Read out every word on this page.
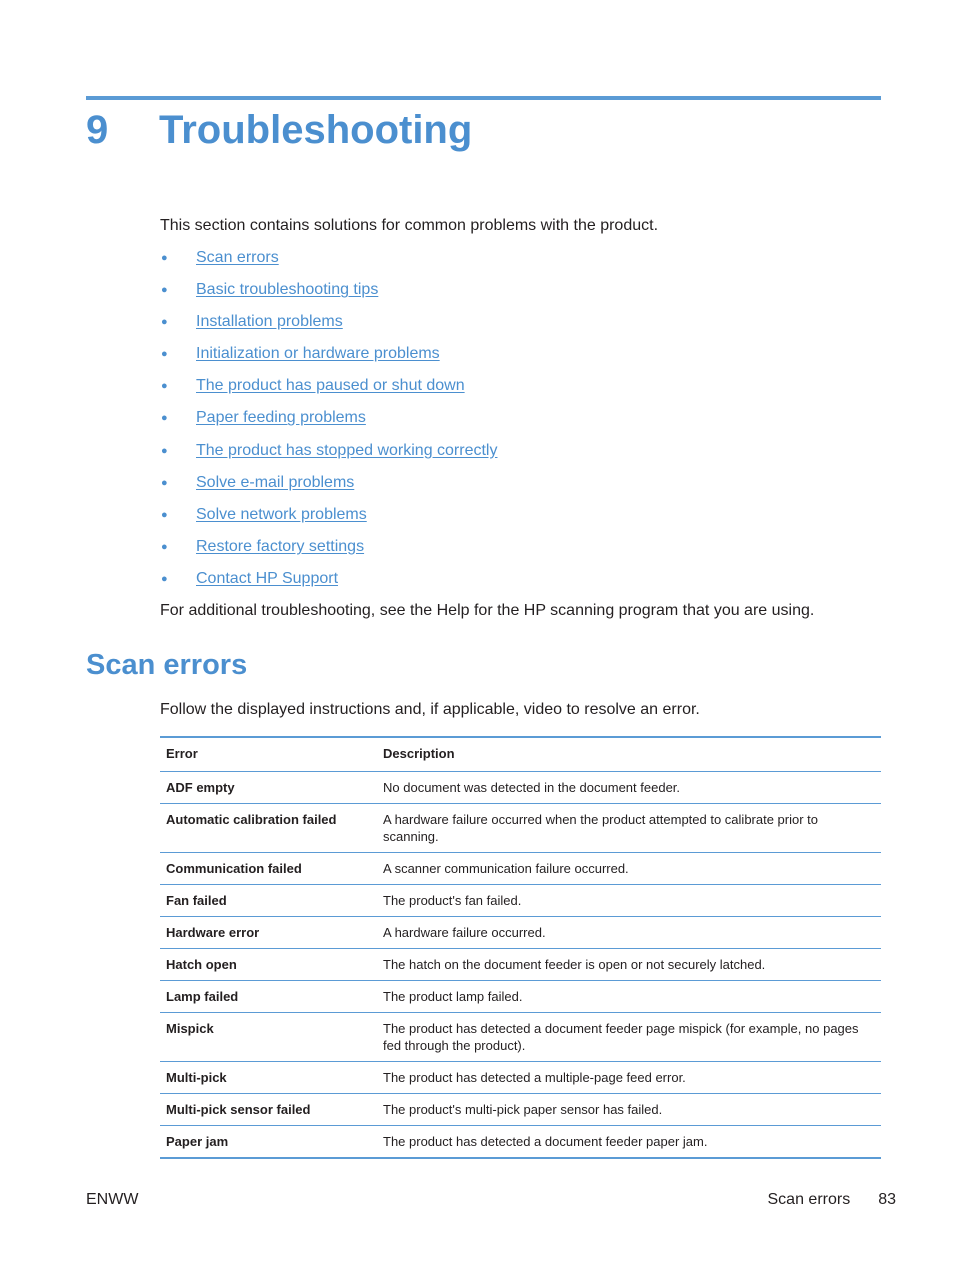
9	Troubleshooting

This section contains solutions for common problems with the product.

●	Scan errors
●	Basic troubleshooting tips
●	Installation problems
●	Initialization or hardware problems
●	The product has paused or shut down
●	Paper feeding problems
●	The product has stopped working correctly
●	Solve e-mail problems
●	Solve network problems
●	Restore factory settings
●	Contact HP Support

For additional troubleshooting, see the Help for the HP scanning program that you are using.

Scan errors

Follow the displayed instructions and, if applicable, video to resolve an error.

Error	Description
ADF empty	No document was detected in the document feeder.
Automatic calibration failed	A hardware failure occurred when the product attempted to calibrate prior to scanning.
Communication failed	A scanner communication failure occurred.
Fan failed	The product's fan failed.
Hardware error	A hardware failure occurred.
Hatch open	The hatch on the document feeder is open or not securely latched.
Lamp failed	The product lamp failed.
Mispick	The product has detected a document feeder page mispick (for example, no pages fed through the product).
Multi-pick	The product has detected a multiple-page feed error.
Multi-pick sensor failed	The product's multi-pick paper sensor has failed.
Paper jam	The product has detected a document feeder paper jam.
ENWW	Scan errors 83
